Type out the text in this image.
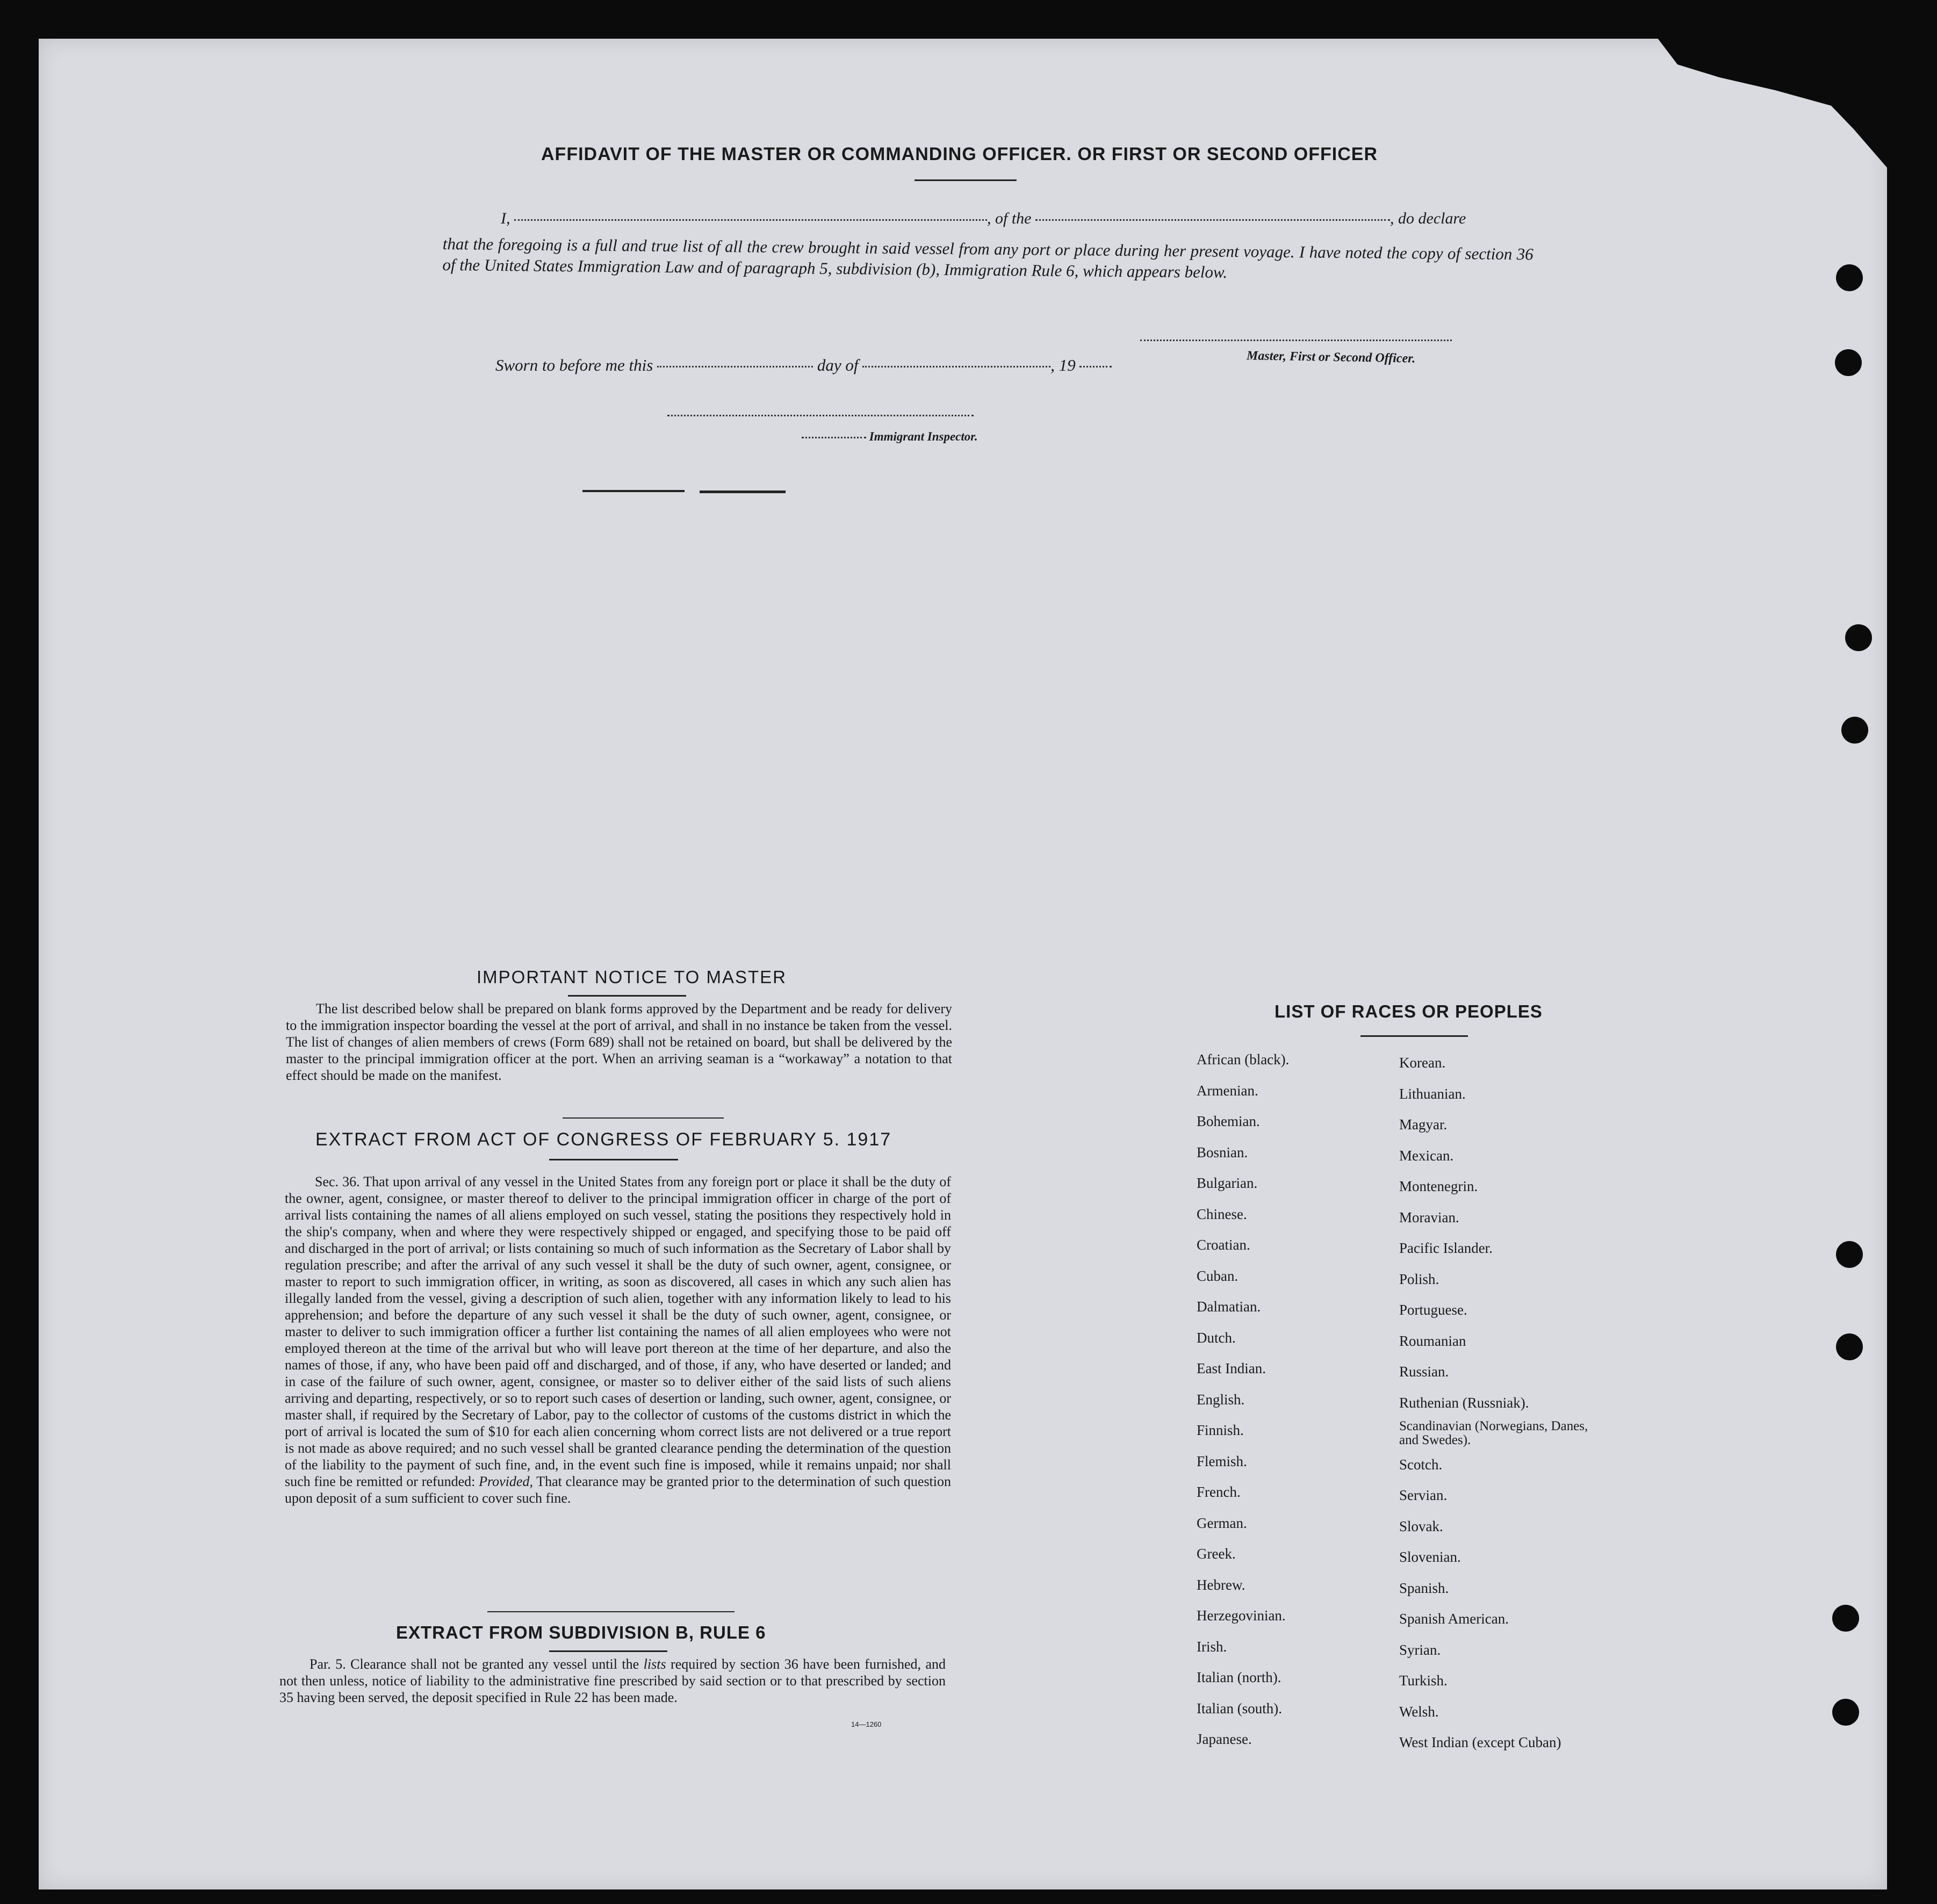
AFFIDAVIT OF THE MASTER OR COMMANDING OFFICER. OR FIRST OR SECOND OFFICER
I,	, of the	, do declare
that the foregoing is a full and true list of all the crew brought in said vessel from any port or place during her present voyage. I have noted the copy of section 36 of the United States Immigration Law and of paragraph 5, subdivision (b), Immigration Rule 6, which appears below.
Master, First or Second Officer.
Sworn to before me this	day of	, 19
Immigrant Inspector.
IMPORTANT NOTICE TO MASTER

The list described below shall be prepared on blank forms approved by the Department and be ready for delivery to the immigration inspector boarding the vessel at the port of arrival, and shall in no instance be taken from the vessel. The list of changes of alien members of crews (Form 689) shall not be retained on board, but shall be delivered by the master to the principal immigration officer at the port. When an arriving seaman is a “workaway” a notation to that effect should be made on the manifest.

EXTRACT FROM ACT OF CONGRESS OF FEBRUARY 5. 1917

Sec. 36. That upon arrival of any vessel in the United States from any foreign port or place it shall be the duty of the owner, agent, consignee, or master thereof to deliver to the principal immigration officer in charge of the port of arrival lists containing the names of all aliens employed on such vessel, stating the positions they respectively hold in the ship's company, when and where they were respectively shipped or engaged, and specifying those to be paid off and discharged in the port of arrival; or lists containing so much of such information as the Secretary of Labor shall by regulation prescribe; and after the arrival of any such vessel it shall be the duty of such owner, agent, consignee, or master to report to such immigration officer, in writing, as soon as discovered, all cases in which any such alien has illegally landed from the vessel, giving a description of such alien, together with any information likely to lead to his apprehension; and before the departure of any such vessel it shall be the duty of such owner, agent, consignee, or master to deliver to such immigration officer a further list containing the names of all alien employees who were not employed thereon at the time of the arrival but who will leave port thereon at the time of her departure, and also the names of those, if any, who have been paid off and discharged, and of those, if any, who have deserted or landed; and in case of the failure of such owner, agent, consignee, or master so to deliver either of the said lists of such aliens arriving and departing, respectively, or so to report such cases of desertion or landing, such owner, agent, consignee, or master shall, if required by the Secretary of Labor, pay to the collector of customs of the customs district in which the port of arrival is located the sum of $10 for each alien concerning whom correct lists are not delivered or a true report is not made as above required; and no such vessel shall be granted clearance pending the determination of the question of the liability to the payment of such fine, and, in the event such fine is imposed, while it remains unpaid; nor shall such fine be remitted or refunded: Provided, That clearance may be granted prior to the determination of such question upon deposit of a sum sufficient to cover such fine.

EXTRACT FROM SUBDIVISION B, RULE 6

Par. 5. Clearance shall not be granted any vessel until the lists required by section 36 have been furnished, and not then unless, notice of liability to the administrative fine prescribed by said section or to that prescribed by section 35 having been served, the deposit specified in Rule 22 has been made.

14—1260
LIST OF RACES OR PEOPLES
African (black).
Armenian.
Bohemian.
Bosnian.
Bulgarian.
Chinese.
Croatian.
Cuban.
Dalmatian.
Dutch.
East Indian.
English.
Finnish.
Flemish.
French.
German.
Greek.
Hebrew.
Herzegovinian.
Irish.
Italian (north).
Italian (south).
Japanese.
Korean.
Lithuanian.
Magyar.
Mexican.
Montenegrin.
Moravian.
Pacific Islander.
Polish.
Portuguese.
Roumanian
Russian.
Ruthenian (Russniak).
Scandinavian (Norwegians, Danes, and Swedes).
Scotch.
Servian.
Slovak.
Slovenian.
Spanish.
Spanish American.
Syrian.
Turkish.
Welsh.
West Indian (except Cuban)
